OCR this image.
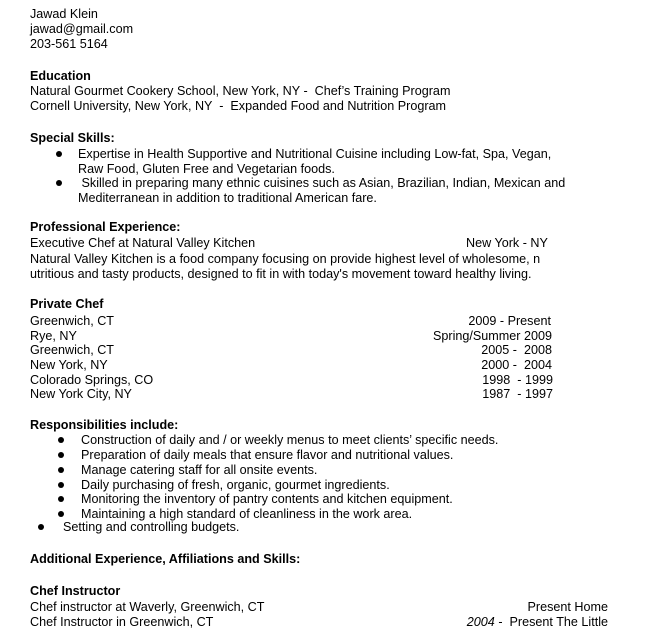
Jawad Klein
jawad@gmail.com
203-561 5164
Education
Natural Gourmet Cookery School, New York, NY -  Chef’s Training Program
Cornell University, New York, NY  -  Expanded Food and Nutrition Program
Special Skills:
Expertise in Health Supportive and Nutritional Cuisine including Low-fat, Spa, Vegan,
Raw Food, Gluten Free and Vegetarian foods.
Skilled in preparing many ethnic cuisines such as Asian, Brazilian, Indian, Mexican and
Mediterranean in addition to traditional American fare.
Professional Experience:
Executive Chef at Natural Valley Kitchen	New York - NY
Natural Valley Kitchen is a food company focusing on provide highest level of wholesome, n
utritious and tasty products, designed to fit in with today's movement toward healthy living.
Private Chef
Greenwich, CT	2009 - Present
Rye, NY	Spring/Summer 2009
Greenwich, CT	2005 -  2008
New York, NY	2000 -  2004
Colorado Springs, CO	1998  - 1999
New York City, NY	1987  - 1997
Responsibilities include:
Construction of daily and / or weekly menus to meet clients’ specific needs.
Preparation of daily meals that ensure flavor and nutritional values.
Manage catering staff for all onsite events.
Daily purchasing of fresh, organic, gourmet ingredients.
Monitoring the inventory of pantry contents and kitchen equipment.
Maintaining a high standard of cleanliness in the work area.
Setting and controlling budgets.
Additional Experience, Affiliations and Skills:
Chef Instructor
Chef instructor at Waverly, Greenwich, CT	Present Home
Chef Instructor in Greenwich, CT	2004 -  Present The Little
